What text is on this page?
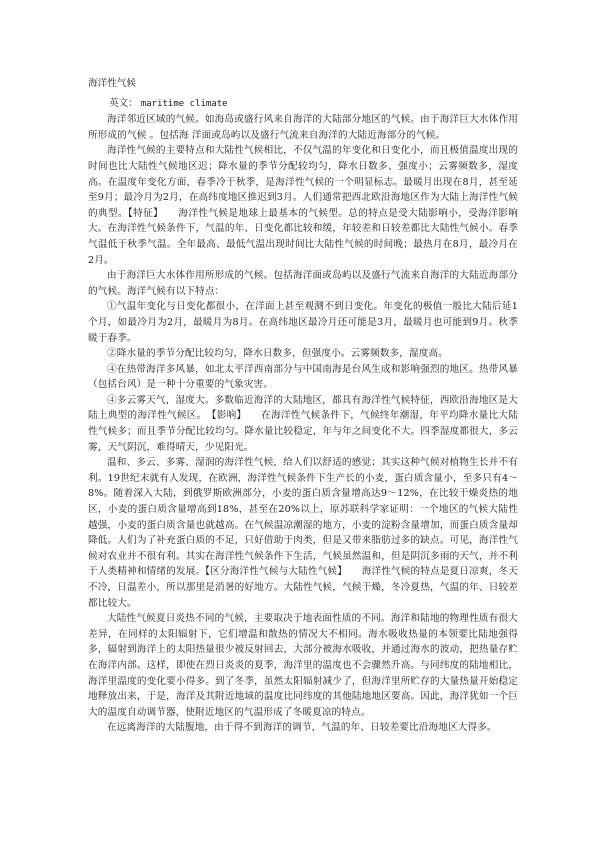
海洋性气候
英文： maritime climate

海洋邻近区域的气候。如海岛或盛行风来自海洋的大陆部分地区的气候。由于海洋巨大水体作用所形成的气候 。包括海 洋面或岛屿以及盛行气流来自海洋的大陆近海部分的气候。

海洋性气候的主要特点和大陆性气候相比，不仅气温的年变化和日变化小，而且极值温度出现的时间也比大陆性气候地区迟；降水量的季节分配较均匀，降水日数多、强度小；云雾频数多，湿度高。在温度年变化方面，春季冷于秋季，是海洋性气候的一个明显标志。最暖月出现在8月，甚至延至9月；最冷月为2月，在高纬度地区推迟到3月。人们通常把西北欧沿海地区作为大陆上海洋性气候的典型。【特征】　　海洋性气候是地球上最基本的气候型。总的特点是受大陆影响小，受海洋影响大。在海洋性气候条件下，气温的年、日变化都比较和缓，年较差和日较差都比大陆性气候小。春季气温低于秋季气温。全年最高、最低气温出现时间比大陆性气候的时间晚；最热月在8月，最冷月在2月。

由于海洋巨大水体作用所形成的气候。包括海洋面或岛屿以及盛行气流来自海洋的大陆近海部分的气候。海洋气候有以下特点：

①气温年变化与日变化都很小，在洋面上甚至观测不到日变化。年变化的极值一般比大陆后延1个月，如最冷月为2月，最暖月为8月。在高纬地区最冷月还可能是3月，最暖月也可能到9月。秋季暖于春季。

②降水量的季节分配比较均匀，降水日数多，但强度小。云雾频数多，湿度高。

④在热带海洋多风暴，如北太平洋西南部分与中国南海是台风生成和影响强烈的地区。热带风暴（包括台风）是一种十分重要的气象灾害。

④多云雾天气，湿度大。多数临近海洋的大陆地区，都具有海洋性气候特征，西欧沿海地区是大陆上典型的海洋性气候区。　【影响】　　在海洋性气候条件下，气候终年潮湿，年平均降水量比大陆性气候多；而且季节分配比较均匀。降水量比较稳定，年与年之间变化不大。四季湿度都很大，多云雾，天气阴沉，难得晴天，少见阳光。

温和、多云、多雾、湿润的海洋性气候，给人们以舒适的感觉；其实这种气候对植物生长并不有利。19世纪末就有人发现，在欧洲，海洋性气候条件下生产长的小麦，蛋白质含量小，至多只有4～8%。随着深入大陆，到俄罗斯欧洲部分，小麦的蛋白质含量增高达9～12%，在比较干燥炎热的地区，小麦的蛋白质含量增高到18%，甚至在20%以上，原苏联科学家证明：一个地区的气候大陆性越强，小麦的蛋白质含量也就越高。在气候温凉潮湿的地方，小麦的淀粉含量增加，而蛋白质含量却降低。人们为了补充蛋白质的不足，只好借助于肉类，但是又带来脂肪过多的缺点。可见，海洋性气候对农业并不很有利。其实在海洋性气候条件下生活，气候虽然温和，但是阴沉多雨的天气，并不利于人类精神和情绪的发展。【区分海洋性气候与大陆性气候】　　海洋性气候的特点是夏日凉爽，冬天不冷，日温差小，所以那里是消暑的好地方。大陆性气候，气候干燥，冬冷夏热，气温的年、日较差都比较大。

大陆性气候夏日炎热不同的气候，主要取决于地表面性质的不同。海洋和陆地的物理性质有很大差异，在同样的太阳辐射下，它们增温和散热的情况大不相同。海水吸收热量的本领要比陆地强得多，辐射到海洋上的太阳热量很少被反射回去，大部分被海水吸收，并通过海水的波动，把热量存贮在海洋内部。这样，即使在烈日炎炎的夏季，海洋里的温度也不会骤然升高。与同纬度的陆地相比，海洋里温度的变化要小得多。到了冬季，虽然太阳辐射减少了，但海洋里所贮存的大量热量开始稳定地释放出来，于是，海洋及其附近地域的温度比同纬度的其他陆地地区要高。因此，海洋犹如一个巨大的温度自动调节器，使附近地区的气温形成了冬暖夏凉的特点。

在远离海洋的大陆腹地，由于得不到海洋的调节，气温的年、日较差要比沿海地区大得多。
